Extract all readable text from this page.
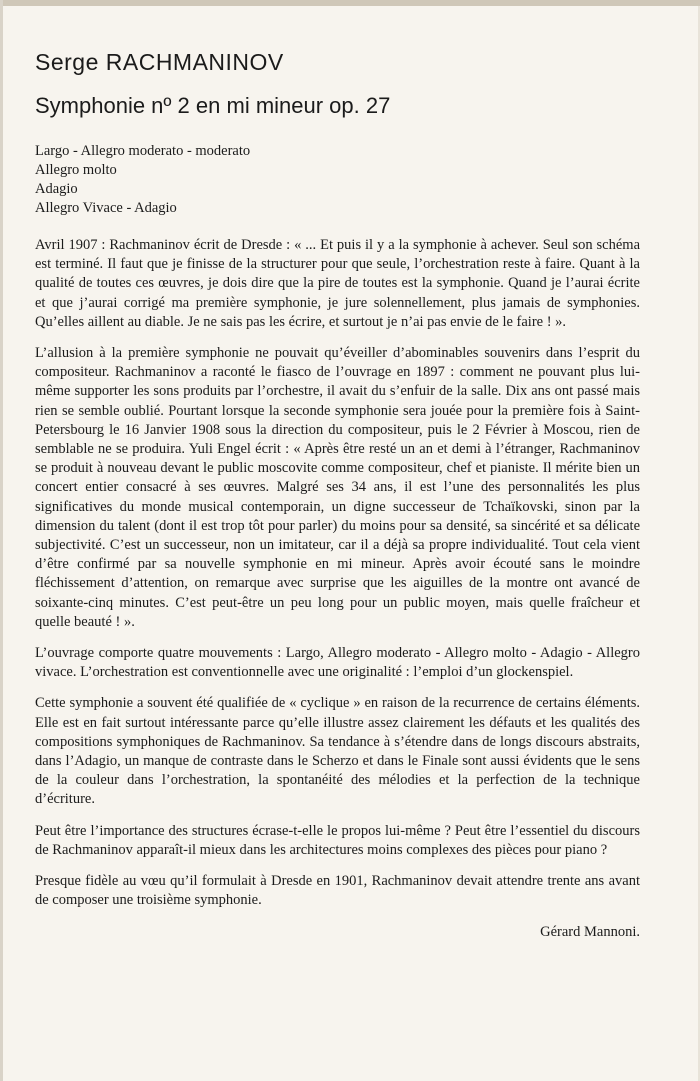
Serge RACHMANINOV
Symphonie nº 2 en mi mineur op. 27
Largo - Allegro moderato - moderato
Allegro molto
Adagio
Allegro Vivace - Adagio

Avril 1907 : Rachmaninov écrit de Dresde : « ... Et puis il y a la symphonie à achever. Seul son schéma est terminé. Il faut que je finisse de la structurer pour que seule, l’orchestration reste à faire. Quant à la qualité de toutes ces œuvres, je dois dire que la pire de toutes est la symphonie. Quand je l’aurai écrite et que j’aurai corrigé ma première symphonie, je jure solennellement, plus jamais de symphonies. Qu’elles aillent au diable. Je ne sais pas les écrire, et surtout je n’ai pas envie de le faire ! ».

L’allusion à la première symphonie ne pouvait qu’éveiller d’abominables souvenirs dans l’esprit du compositeur. Rachmaninov a raconté le fiasco de l’ouvrage en 1897 : comment ne pouvant plus lui-même supporter les sons produits par l’orchestre, il avait du s’enfuir de la salle. Dix ans ont passé mais rien se semble oublié. Pourtant lorsque la seconde symphonie sera jouée pour la première fois à Saint-Petersbourg le 16 Janvier 1908 sous la direction du compositeur, puis le 2 Février à Moscou, rien de semblable ne se produira. Yuli Engel écrit : « Après être resté un an et demi à l’étranger, Rachmaninov se produit à nouveau devant le public moscovite comme compositeur, chef et pianiste. Il mérite bien un concert entier consacré à ses œuvres. Malgré ses 34 ans, il est l’une des personnalités les plus significatives du monde musical contemporain, un digne successeur de Tchaïkovski, sinon par la dimension du talent (dont il est trop tôt pour parler) du moins pour sa densité, sa sincérité et sa délicate subjectivité. C’est un successeur, non un imitateur, car il a déjà sa propre individualité. Tout cela vient d’être confirmé par sa nouvelle symphonie en mi mineur. Après avoir écouté sans le moindre fléchissement d’attention, on remarque avec surprise que les aiguilles de la montre ont avancé de soixante-cinq minutes. C’est peut-être un peu long pour un public moyen, mais quelle fraîcheur et quelle beauté ! ».

L’ouvrage comporte quatre mouvements : Largo, Allegro moderato - Allegro molto - Adagio - Allegro vivace. L’orchestration est conventionnelle avec une originalité : l’emploi d’un glockenspiel.

Cette symphonie a souvent été qualifiée de « cyclique » en raison de la recurrence de certains éléments. Elle est en fait surtout intéressante parce qu’elle illustre assez clairement les défauts et les qualités des compositions symphoniques de Rachmaninov. Sa tendance à s’étendre dans de longs discours abstraits, dans l’Adagio, un manque de contraste dans le Scherzo et dans le Finale sont aussi évidents que le sens de la couleur dans l’orchestration, la spontanéité des mélodies et la perfection de la technique d’écriture.

Peut être l’importance des structures écrase-t-elle le propos lui-même ? Peut être l’essentiel du discours de Rachmaninov apparaît-il mieux dans les architectures moins complexes des pièces pour piano ?

Presque fidèle au vœu qu’il formulait à Dresde en 1901, Rachmaninov devait attendre trente ans avant de composer une troisième symphonie.

Gérard Mannoni.
